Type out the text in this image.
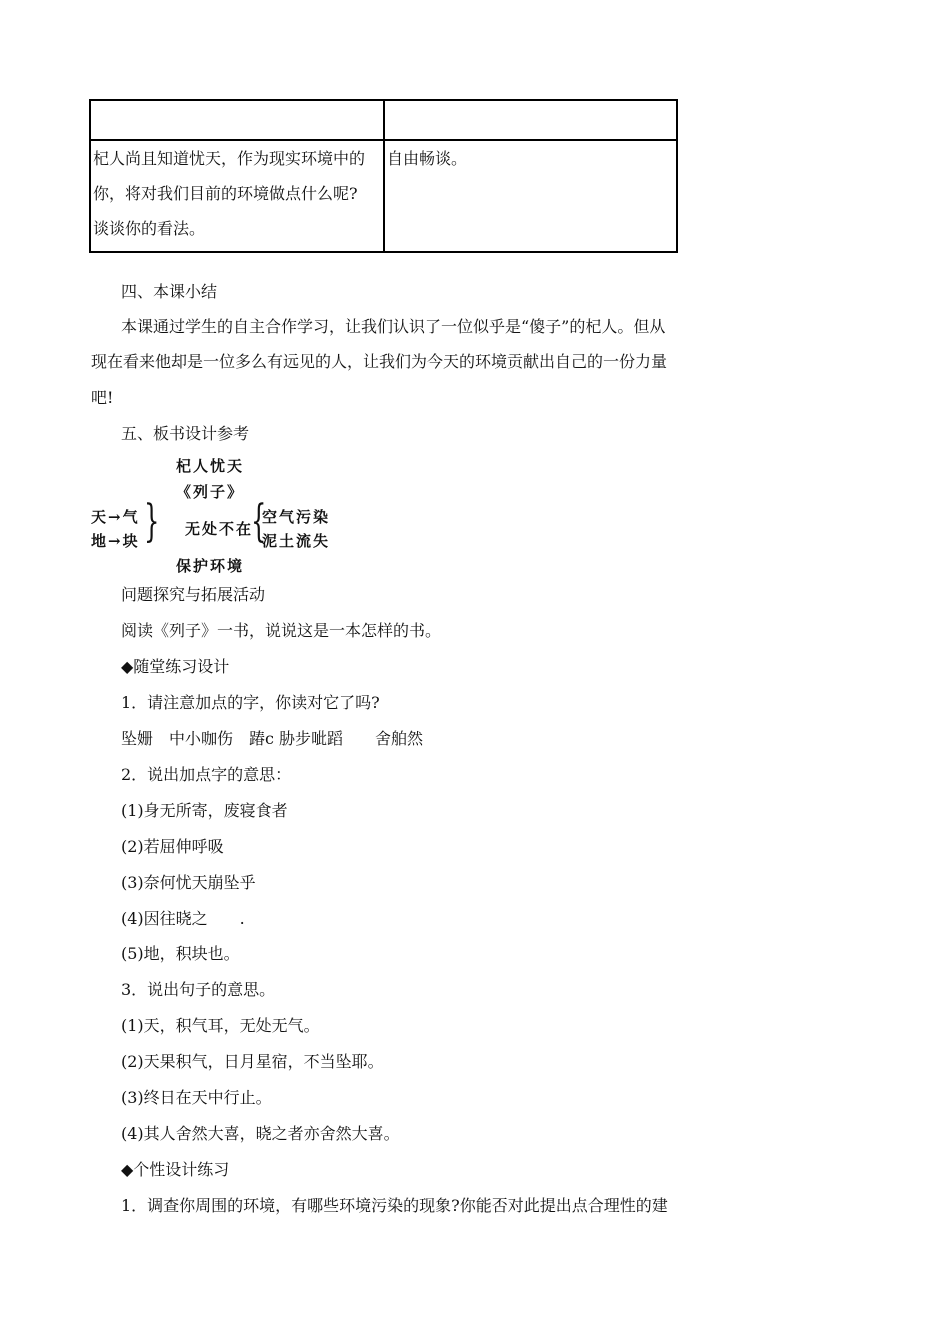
杞人尚且知道忧天，作为现实环境中的
你，将对我们目前的环境做点什么呢?
谈谈你的看法。	自由畅谈。
四、本课小结
本课通过学生的自主合作学习，让我们认识了一位似乎是“傻子”的杞人。但从
现在看来他却是一位多么有远见的人，让我们为今天的环境贡献出自己的一份力量
吧!
五、板书设计参考
杞人忧天
《列子》
天→气
地→块 } 无处不在
{
空气污染
泥土流失
保护环境
问题探究与拓展活动
阅读《列子》一书，说说这是一本怎样的书。
◆随堂练习设计
1．请注意加点的字，你读对它了吗?
坠姗　中小咖伤　踳c 胁步呲蹈　　舍舶然
2．说出加点字的意思：
(1)身无所寄，废寝食者
(2)若屈伸呼吸
(3)奈何忧天崩坠乎
(4)因往晓之　　.
(5)地，积块也。
3．说出句子的意思。
(1)天，积气耳，无处无气。
(2)天果积气，日月星宿，不当坠耶。
(3)终日在天中行止。
(4)其人舍然大喜，晓之者亦舍然大喜。
◆个性设计练习
1．调查你周围的环境，有哪些环境污染的现象?你能否对此提出点合理性的建
